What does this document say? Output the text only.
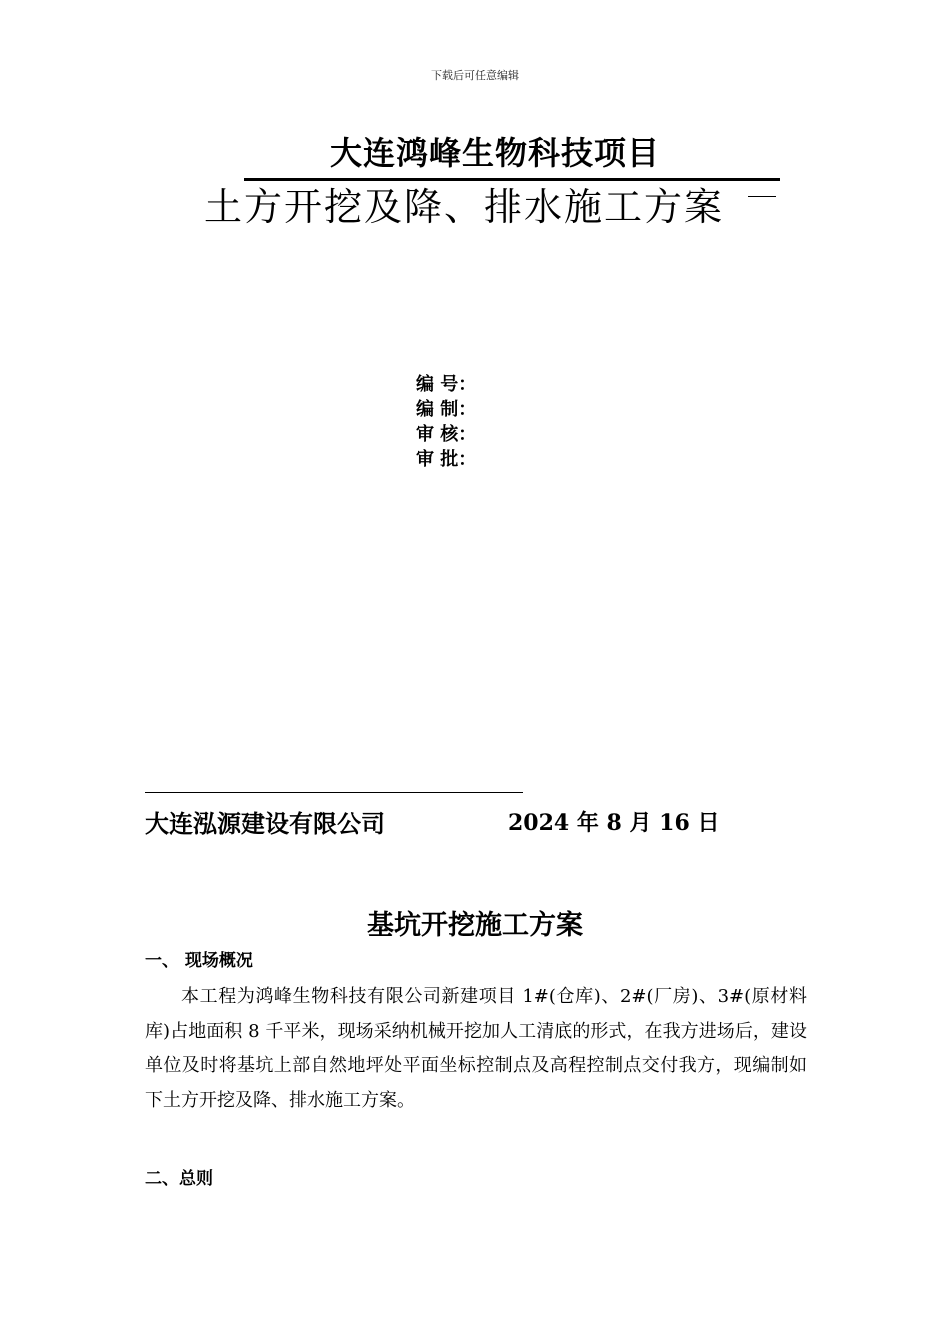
下载后可任意编辑
大连鸿峰生物科技项目
土方开挖及降、排水施工方案
编 号：
编 制：
审 核：
审 批：
大连泓源建设有限公司	2024 年 8 月 16 日
基坑开挖施工方案
一、 现场概况

本工程为鸿峰生物科技有限公司新建项目 1#(仓库)、2#(厂房)、3#(原材料库)占地面积 8 千平米，现场采纳机械开挖加人工清底的形式，在我方进场后，建设单位及时将基坑上部自然地坪处平面坐标控制点及高程控制点交付我方，现编制如下土方开挖及降、排水施工方案。

二、总则
